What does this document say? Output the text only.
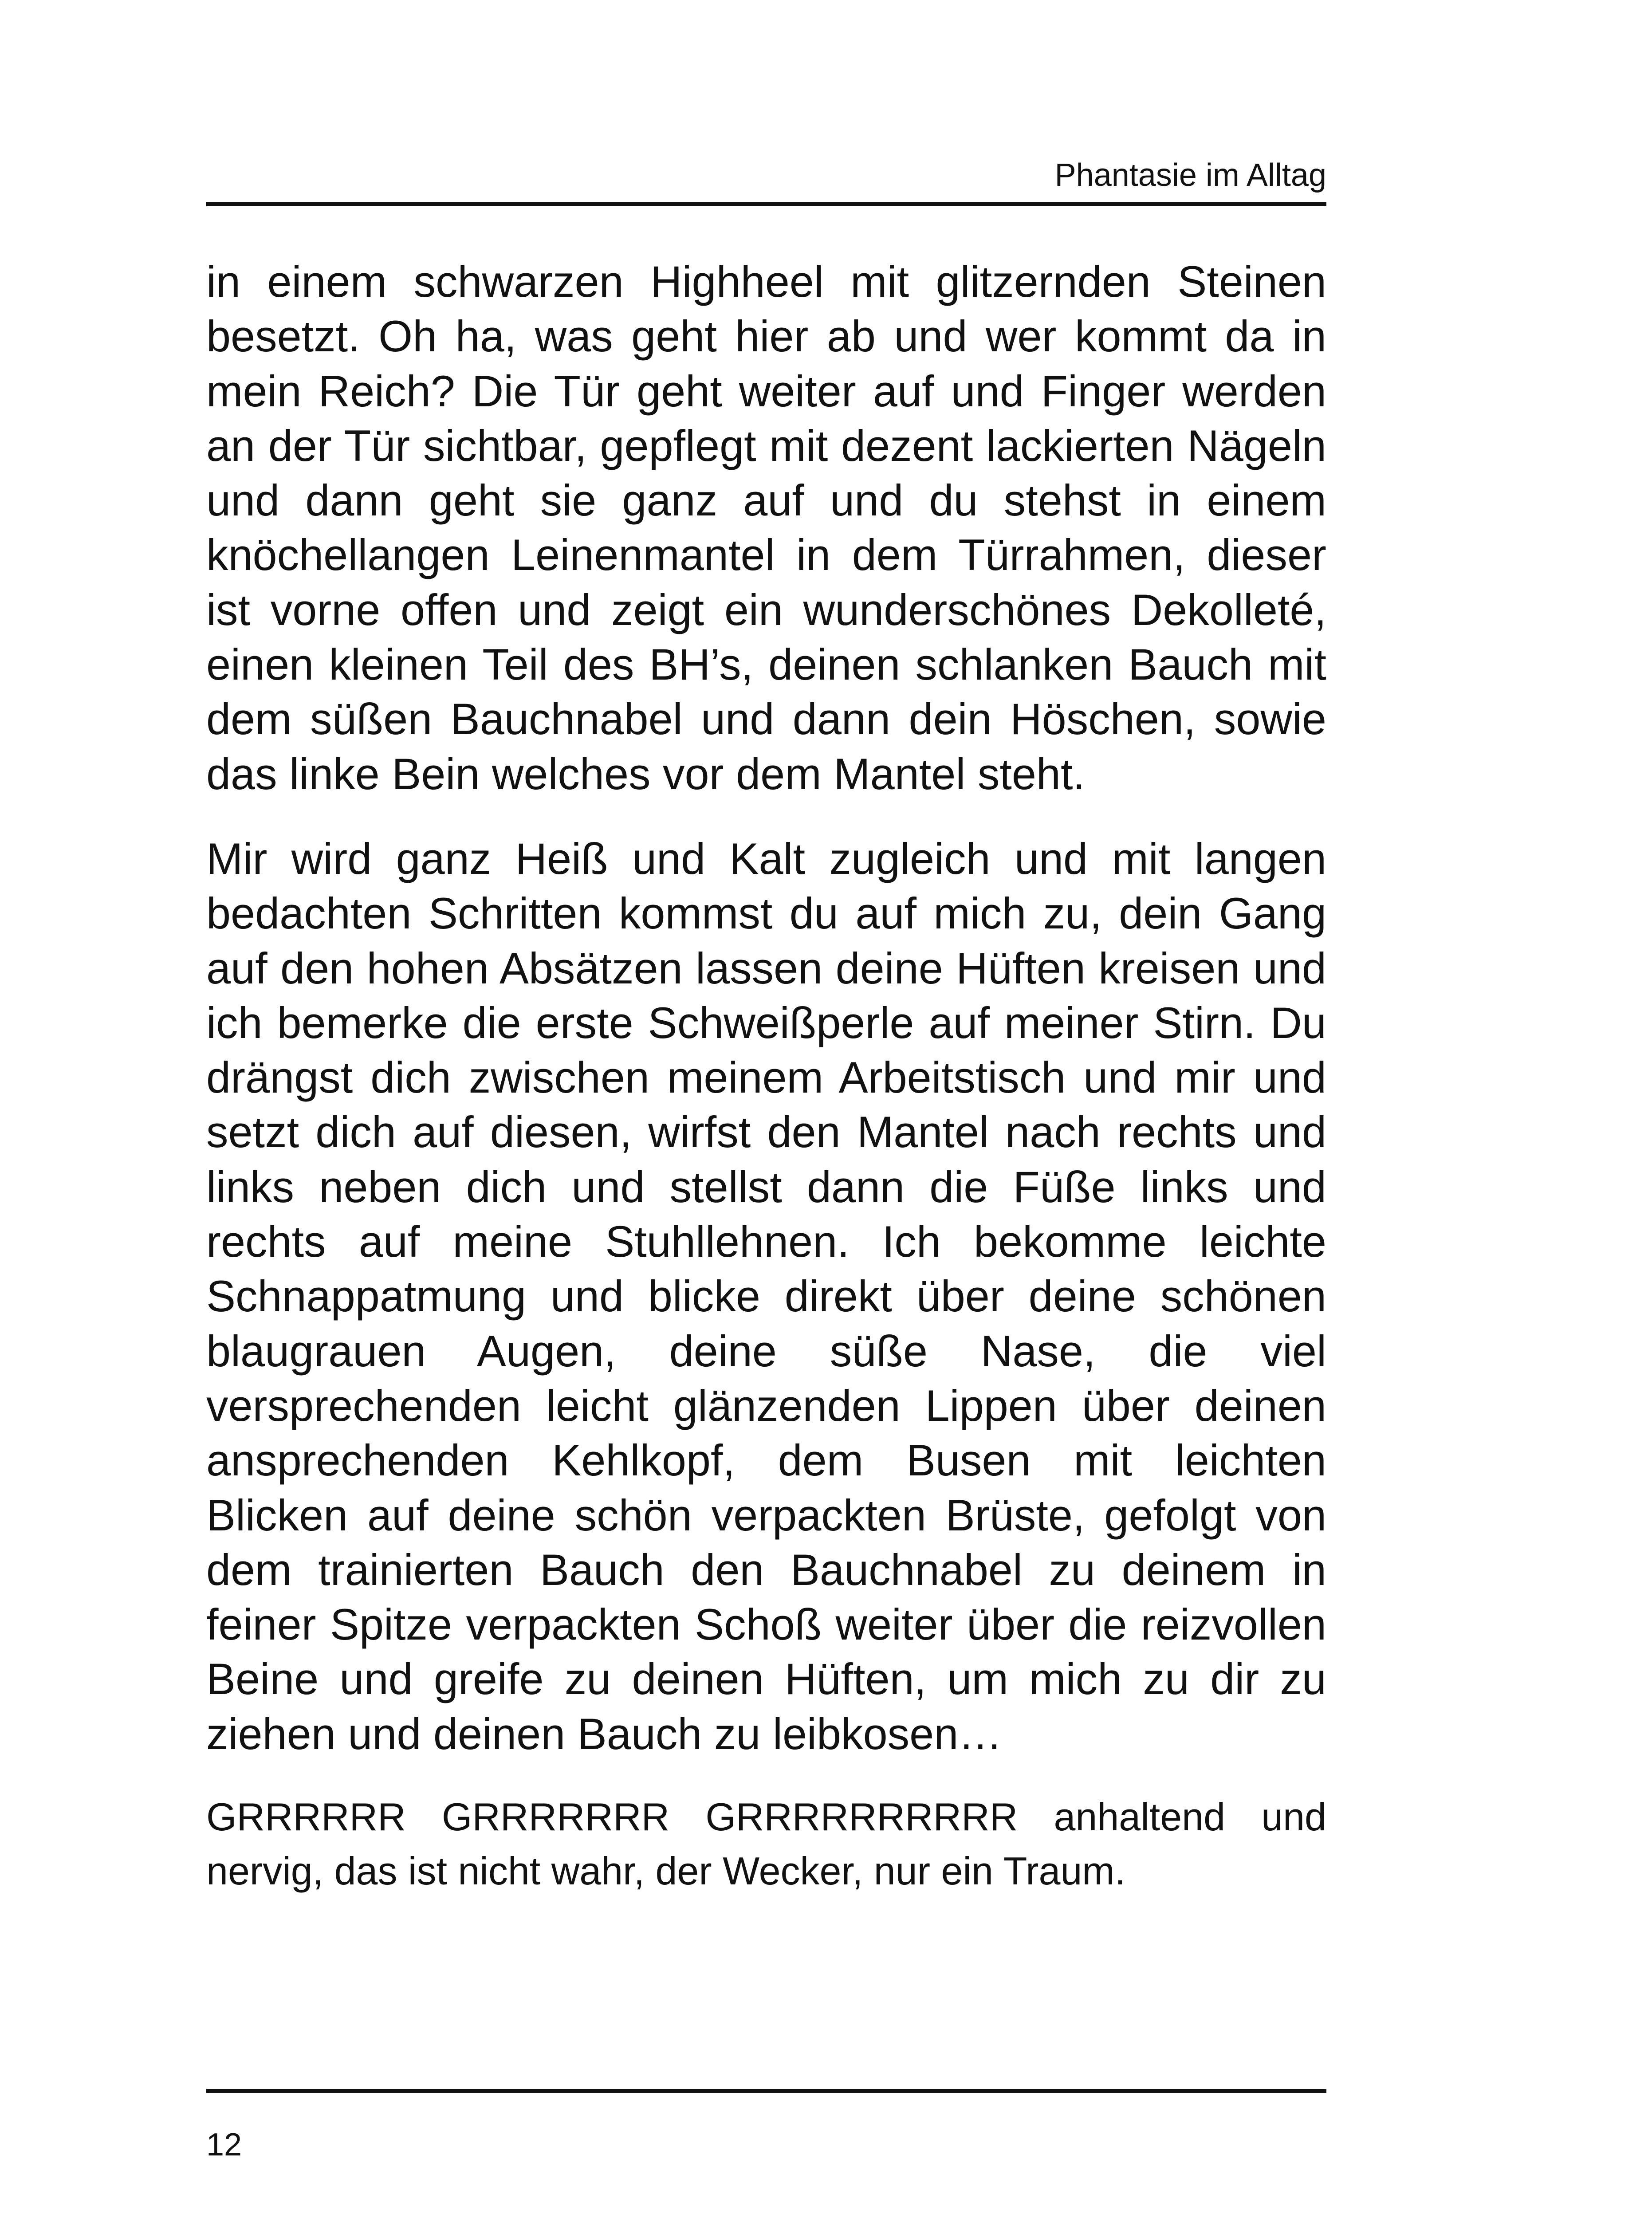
Phantasie im Alltag

in einem schwarzen Highheel mit glitzernden Steinen besetzt. Oh ha, was geht hier ab und wer kommt da in mein Reich? Die Tür geht weiter auf und Finger werden an der Tür sichtbar, gepflegt mit dezent lackierten Nägeln und dann geht sie ganz auf und du stehst in einem knöchellangen Leinenmantel in dem Türrahmen, dieser ist vorne offen und zeigt ein wunderschönes Dekolleté, einen kleinen Teil des BH’s, deinen schlanken Bauch mit dem süßen Bauchnabel und dann dein Höschen, sowie das linke Bein welches vor dem Mantel steht.

Mir wird ganz Heiß und Kalt zugleich und mit langen bedachten Schritten kommst du auf mich zu, dein Gang auf den hohen Absätzen lassen deine Hüften kreisen und ich bemerke die erste Schweißperle auf meiner Stirn. Du drängst dich zwischen meinem Arbeitstisch und mir und setzt dich auf diesen, wirfst den Mantel nach rechts und links neben dich und stellst dann die Füße links und rechts auf meine Stuhllehnen. Ich bekomme leichte Schnappatmung und blicke direkt über deine schönen blaugrauen Augen, deine süße Nase, die viel versprechenden leicht glänzenden Lippen über deinen ansprechenden Kehlkopf, dem Busen mit leichten Blicken auf deine schön verpackten Brüste, gefolgt von dem trainierten Bauch den Bauchnabel zu deinem in feiner Spitze verpackten Schoß weiter über die reizvollen Beine und greife zu deinen Hüften, um mich zu dir zu ziehen und deinen Bauch zu leibkosen…

GRRRRRR GRRRRRRR GRRRRRRRRRR anhaltend und nervig, das ist nicht wahr, der Wecker, nur ein Traum.

12
